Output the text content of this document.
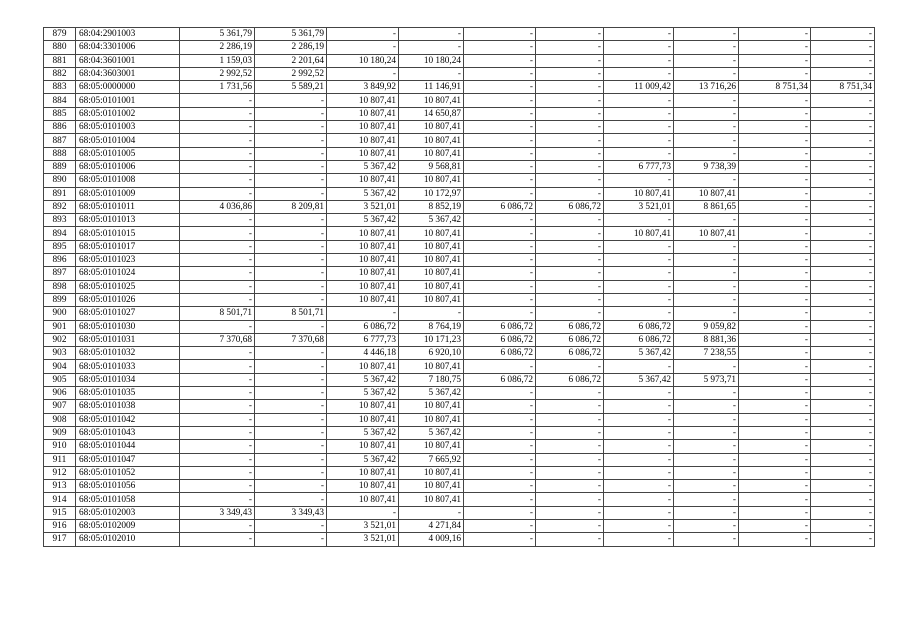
879	68:04:2901003	5 361,79	5 361,79	-	-	-	-	-	-	-	-
880	68:04:3301006	2 286,19	2 286,19	-	-	-	-	-	-	-	-
881	68:04:3601001	1 159,03	2 201,64	10 180,24	10 180,24	-	-	-	-	-	-
882	68:04:3603001	2 992,52	2 992,52	-	-	-	-	-	-	-	-
883	68:05:0000000	1 731,56	5 589,21	3 849,92	11 146,91	-	-	11 009,42	13 716,26	8 751,34	8 751,34
884	68:05:0101001	-	-	10 807,41	10 807,41	-	-	-	-	-	-
885	68:05:0101002	-	-	10 807,41	14 650,87	-	-	-	-	-	-
886	68:05:0101003	-	-	10 807,41	10 807,41	-	-	-	-	-	-
887	68:05:0101004	-	-	10 807,41	10 807,41	-	-	-	-	-	-
888	68:05:0101005	-	-	10 807,41	10 807,41	-	-	-	-	-	-
889	68:05:0101006	-	-	5 367,42	9 568,81	-	-	6 777,73	9 738,39	-	-
890	68:05:0101008	-	-	10 807,41	10 807,41	-	-	-	-	-	-
891	68:05:0101009	-	-	5 367,42	10 172,97	-	-	10 807,41	10 807,41	-	-
892	68:05:0101011	4 036,86	8 209,81	3 521,01	8 852,19	6 086,72	6 086,72	3 521,01	8 861,65	-	-
893	68:05:0101013	-	-	5 367,42	5 367,42	-	-	-	-	-	-
894	68:05:0101015	-	-	10 807,41	10 807,41	-	-	10 807,41	10 807,41	-	-
895	68:05:0101017	-	-	10 807,41	10 807,41	-	-	-	-	-	-
896	68:05:0101023	-	-	10 807,41	10 807,41	-	-	-	-	-	-
897	68:05:0101024	-	-	10 807,41	10 807,41	-	-	-	-	-	-
898	68:05:0101025	-	-	10 807,41	10 807,41	-	-	-	-	-	-
899	68:05:0101026	-	-	10 807,41	10 807,41	-	-	-	-	-	-
900	68:05:0101027	8 501,71	8 501,71	-	-	-	-	-	-	-	-
901	68:05:0101030	-	-	6 086,72	8 764,19	6 086,72	6 086,72	6 086,72	9 059,82	-	-
902	68:05:0101031	7 370,68	7 370,68	6 777,73	10 171,23	6 086,72	6 086,72	6 086,72	8 881,36	-	-
903	68:05:0101032	-	-	4 446,18	6 920,10	6 086,72	6 086,72	5 367,42	7 238,55	-	-
904	68:05:0101033	-	-	10 807,41	10 807,41	-	-	-	-	-	-
905	68:05:0101034	-	-	5 367,42	7 180,75	6 086,72	6 086,72	5 367,42	5 973,71	-	-
906	68:05:0101035	-	-	5 367,42	5 367,42	-	-	-	-	-	-
907	68:05:0101038	-	-	10 807,41	10 807,41	-	-	-	-	-	-
908	68:05:0101042	-	-	10 807,41	10 807,41	-	-	-	-	-	-
909	68:05:0101043	-	-	5 367,42	5 367,42	-	-	-	-	-	-
910	68:05:0101044	-	-	10 807,41	10 807,41	-	-	-	-	-	-
911	68:05:0101047	-	-	5 367,42	7 665,92	-	-	-	-	-	-
912	68:05:0101052	-	-	10 807,41	10 807,41	-	-	-	-	-	-
913	68:05:0101056	-	-	10 807,41	10 807,41	-	-	-	-	-	-
914	68:05:0101058	-	-	10 807,41	10 807,41	-	-	-	-	-	-
915	68:05:0102003	3 349,43	3 349,43	-	-	-	-	-	-	-	-
916	68:05:0102009	-	-	3 521,01	4 271,84	-	-	-	-	-	-
917	68:05:0102010	-	-	3 521,01	4 009,16	-	-	-	-	-	-
